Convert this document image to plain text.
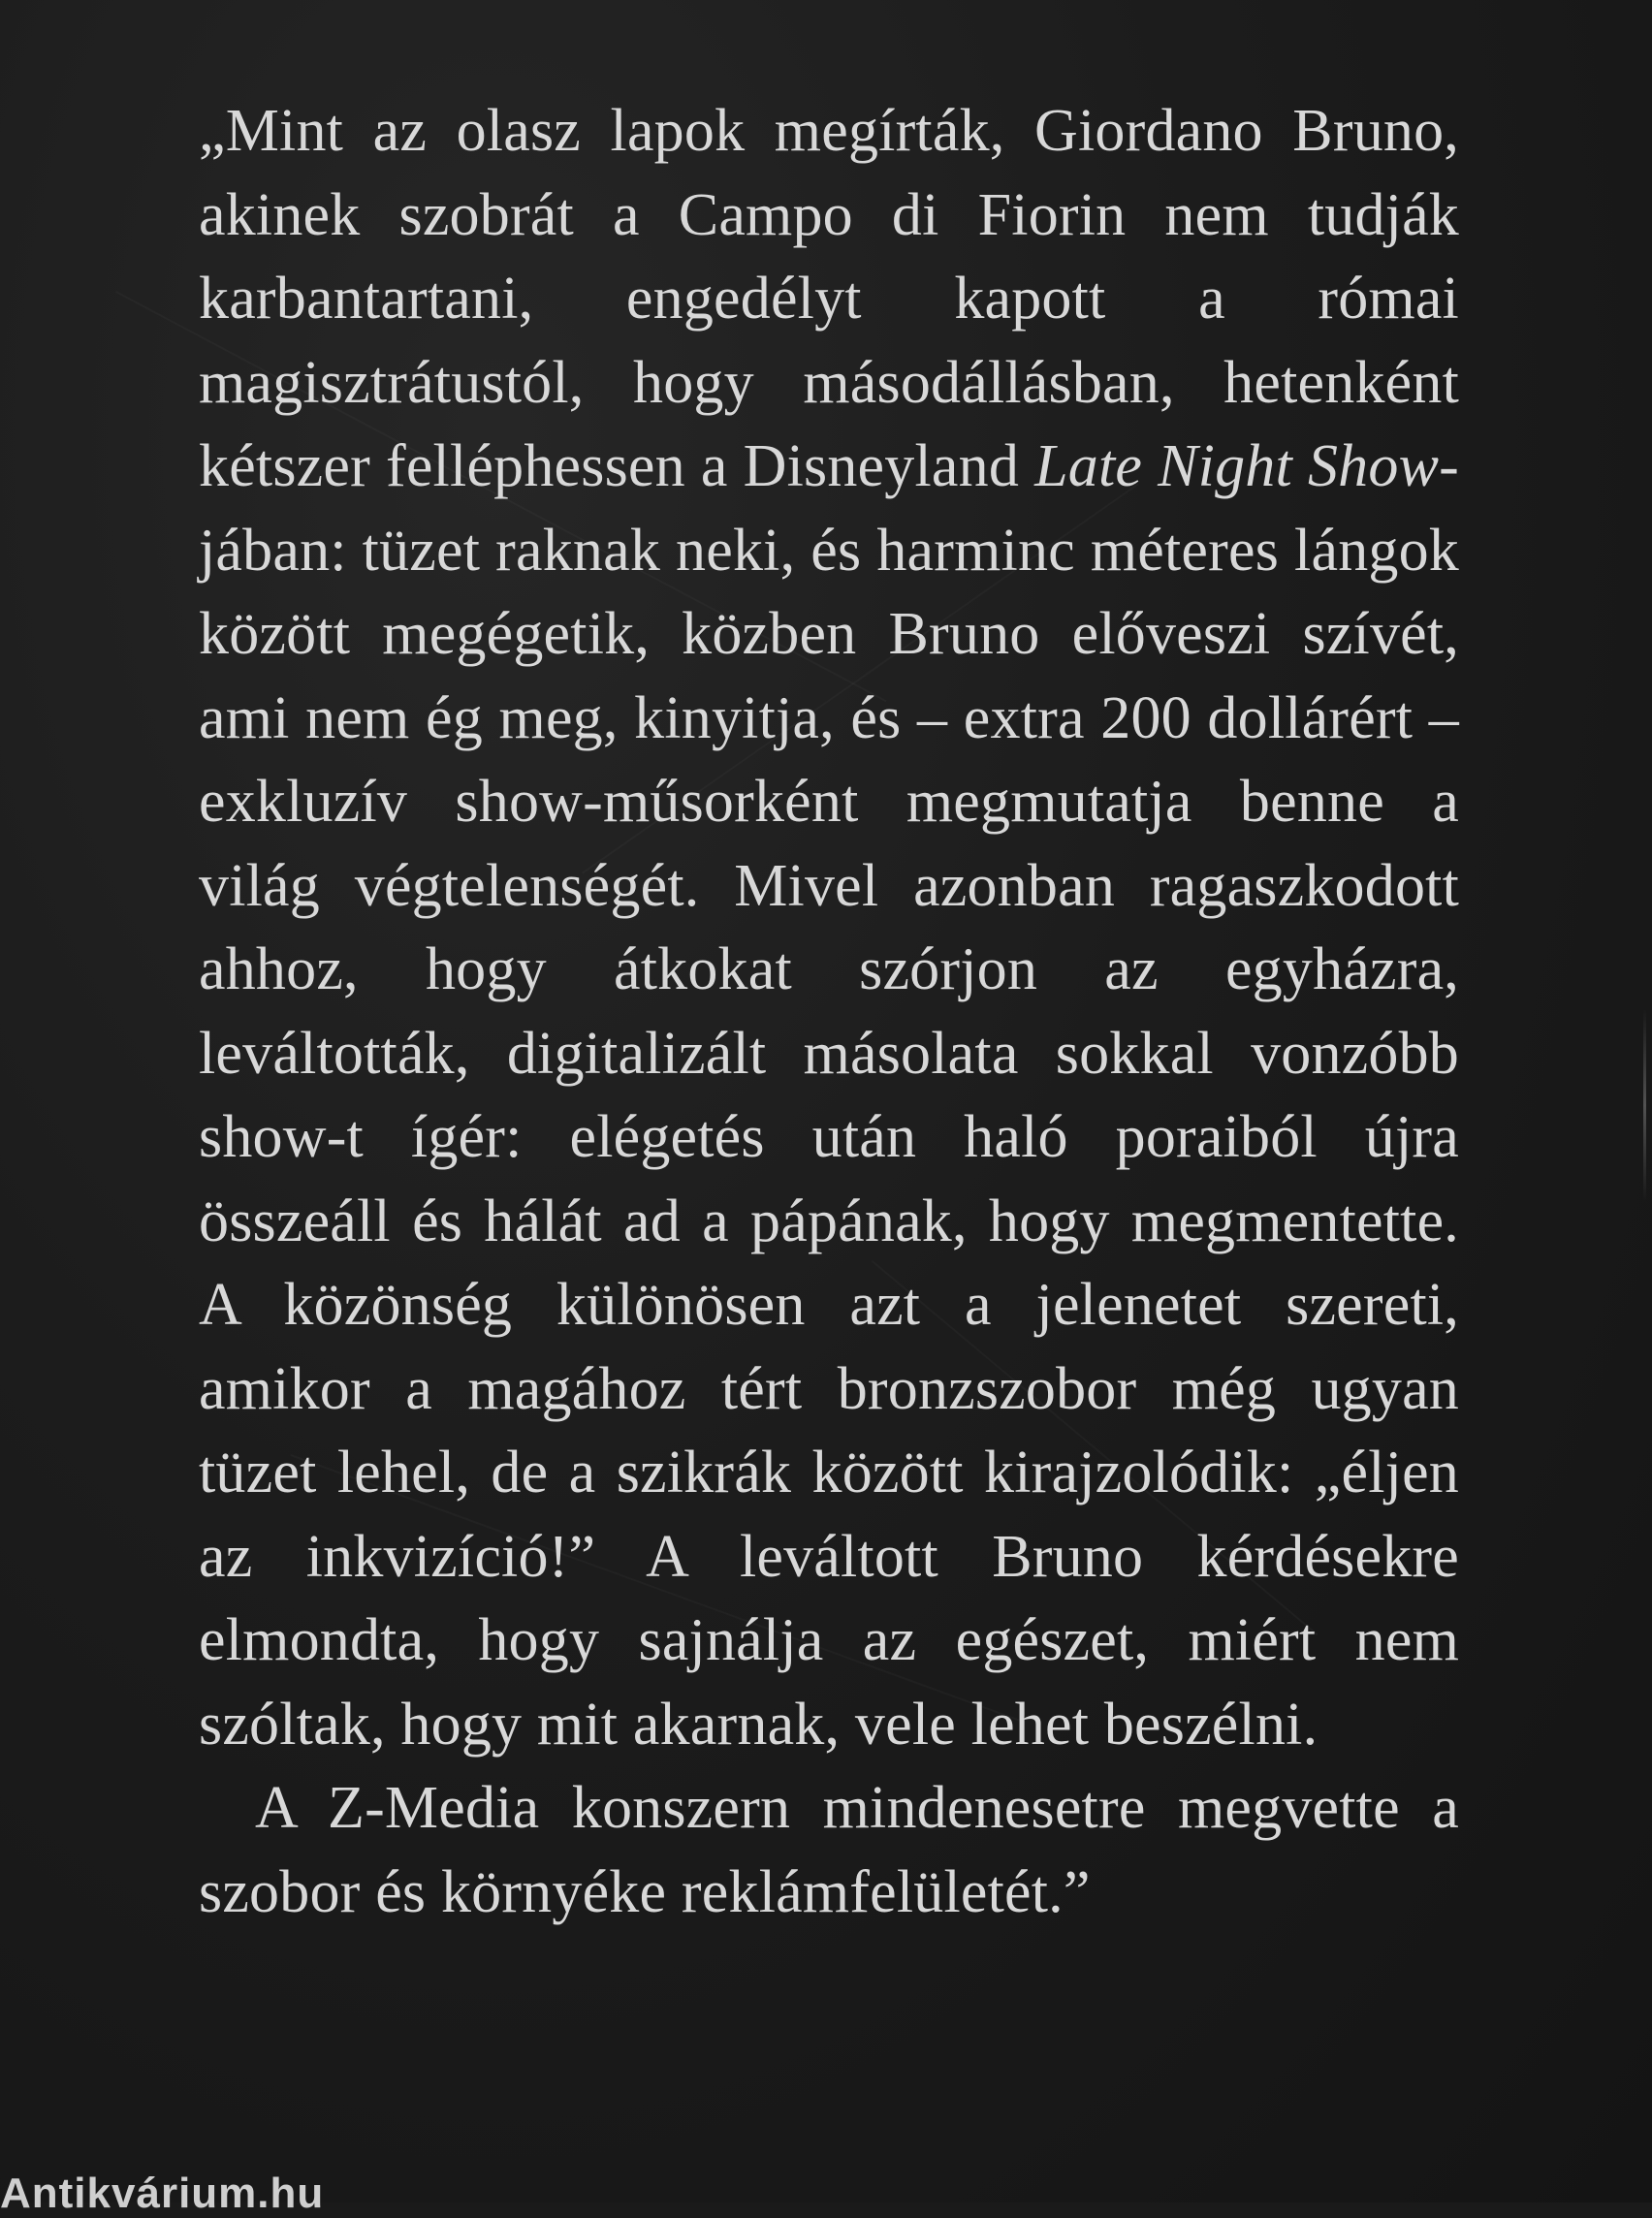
„Mint az olasz lapok megírták, Giordano Bruno, akinek szobrát a Campo di Fiorin nem tudják karbantartani, engedélyt kapott a római magisztrátustól, hogy másodállásban, hetenként kétszer felléphessen a Disneyland Late Night Show-jában: tüzet raknak neki, és harminc méteres lángok között megégetik, közben Bruno előveszi szívét, ami nem ég meg, kinyitja, és – extra 200 dollárért – exkluzív show-műsorként megmutatja benne a világ végtelenségét. Mivel azonban ragaszkodott ahhoz, hogy átkokat szórjon az egyházra, leváltották, digitalizált másolata sokkal vonzóbb show-t ígér: elégetés után haló poraiból újra összeáll és hálát ad a pápának, hogy megmentette. A közönség különösen azt a jelenetet szereti, amikor a magához tért bronzszobor még ugyan tüzet lehel, de a szikrák között kirajzolódik: „éljen az inkvizíció!” A leváltott Bruno kérdésekre elmondta, hogy sajnálja az egészet, miért nem szóltak, hogy mit akarnak, vele lehet beszélni.

A Z-Media konszern mindenesetre megvette a szobor és környéke reklámfelületét.”

Antikvárium.hu
